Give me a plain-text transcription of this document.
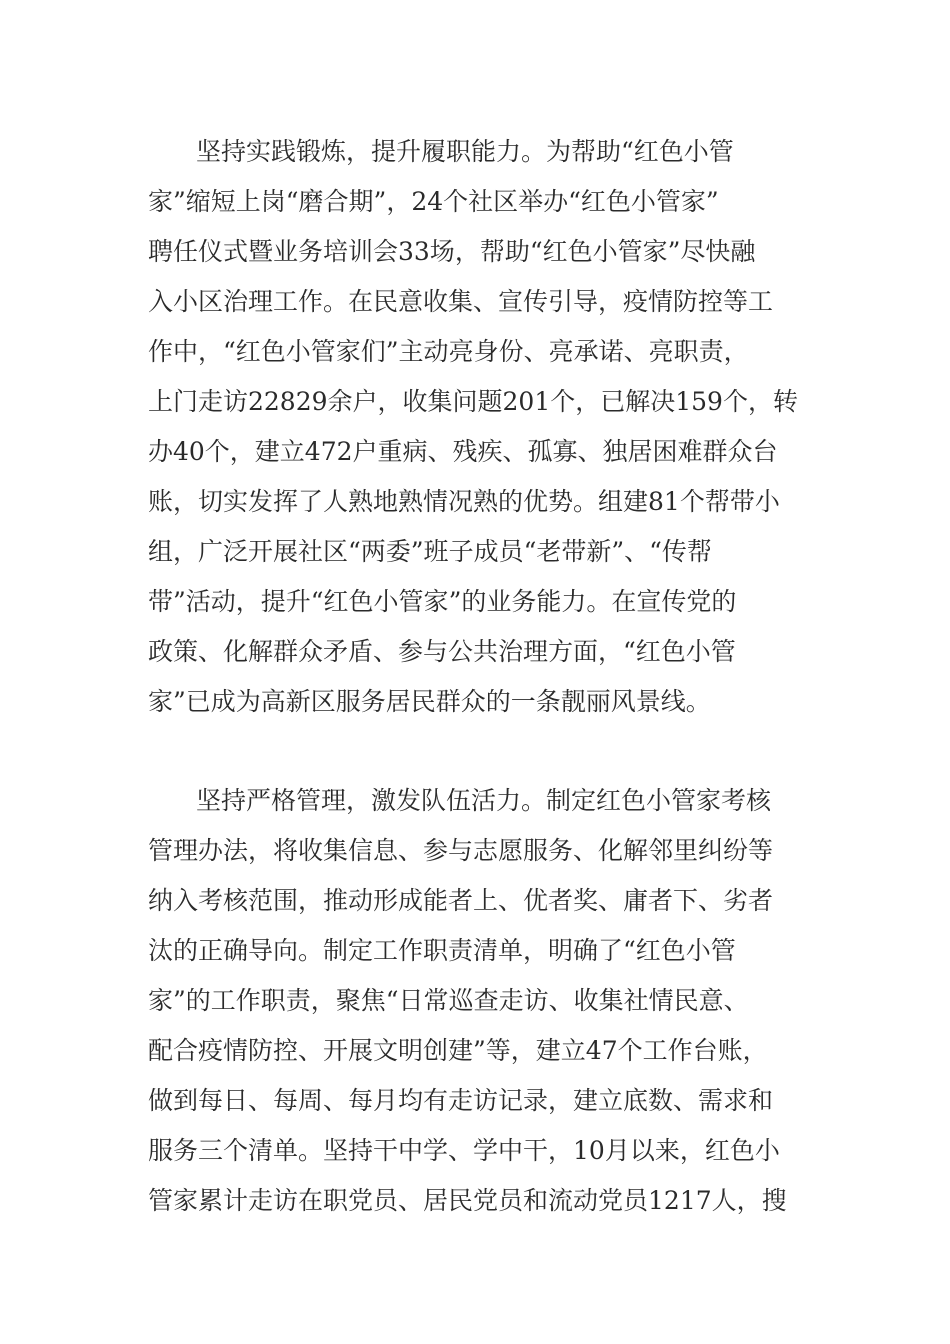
坚持实践锻炼，提升履职能力。为帮助“红色小管
家”缩短上岗“磨合期”，24个社区举办“红色小管家”
聘任仪式暨业务培训会33场，帮助“红色小管家”尽快融
入小区治理工作。在民意收集、宣传引导，疫情防控等工
作中，“红色小管家们”主动亮身份、亮承诺、亮职责，
上门走访22829余户，收集问题201个，已解决159个，转
办40个，建立472户重病、残疾、孤寡、独居困难群众台
账，切实发挥了人熟地熟情况熟的优势。组建81个帮带小
组，广泛开展社区“两委”班子成员“老带新”、“传帮
带”活动，提升“红色小管家”的业务能力。在宣传党的
政策、化解群众矛盾、参与公共治理方面，“红色小管
家”已成为高新区服务居民群众的一条靓丽风景线。
坚持严格管理，激发队伍活力。制定红色小管家考核
管理办法，将收集信息、参与志愿服务、化解邻里纠纷等
纳入考核范围，推动形成能者上、优者奖、庸者下、劣者
汰的正确导向。制定工作职责清单，明确了“红色小管
家”的工作职责，聚焦“日常巡查走访、收集社情民意、
配合疫情防控、开展文明创建”等，建立47个工作台账，
做到每日、每周、每月均有走访记录，建立底数、需求和
服务三个清单。坚持干中学、学中干，10月以来，红色小
管家累计走访在职党员、居民党员和流动党员1217人，搜
